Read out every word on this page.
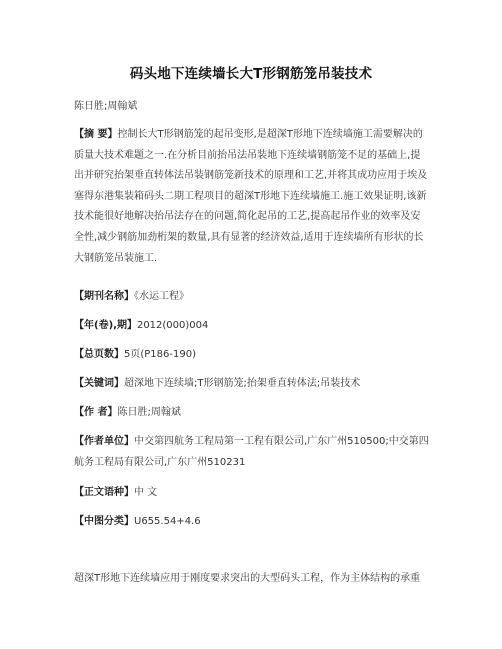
码头地下连续墙长大T形钢筋笼吊装技术
陈日胜;周翰斌

【摘 要】控制长大T形钢筋笼的起吊变形,是超深T形地下连续墙施工需要解决的质量大技术难题之一.在分析目前抬吊法吊装地下连续墙钢筋笼不足的基础上,提出并研究抬架垂直转体法吊装钢筋笼新技术的原理和工艺,并将其成功应用于埃及塞得东港集装箱码头二期工程项目的超深T形地下连续墙施工.施工效果证明,该新技术能很好地解决抬吊法存在的问题,简化起吊的工艺,提高起吊作业的效率及安全性,减少钢筋加劲桁架的数量,具有显著的经济效益,适用于连续墙所有形状的长大钢筋笼吊装施工.

【期刊名称】《水运工程》

【年(卷),期】2012(000)004

【总页数】5页(P186-190)

【关键词】超深地下连续墙;T形钢筋笼;抬架垂直转体法;吊装技术

【作 者】陈日胜;周翰斌

【作者单位】中交第四航务工程局第一工程有限公司,广东广州510500;中交第四航务工程局有限公司,广东广州510231

【正文语种】中 文

【中图分类】U655.54+4.6

超深T形地下连续墙应用于刚度要求突出的大型码头工程，作为主体结构的承重
